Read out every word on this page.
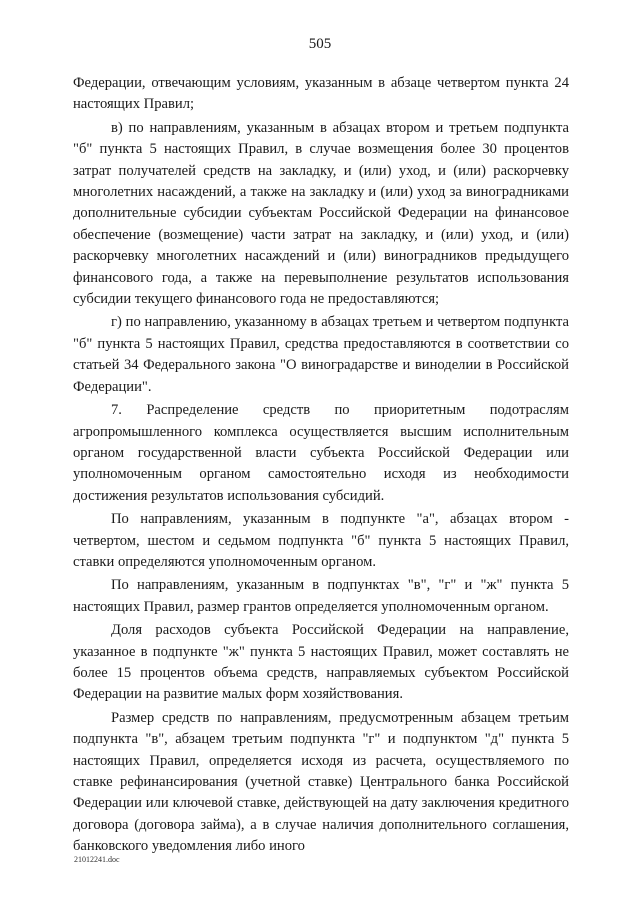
505

Федерации, отвечающим условиям, указанным в абзаце четвертом пункта 24 настоящих Правил;

в) по направлениям, указанным в абзацах втором и третьем подпункта "б" пункта 5 настоящих Правил, в случае возмещения более 30 процентов затрат получателей средств на закладку, и (или) уход, и (или) раскорчевку многолетних насаждений, а также на закладку и (или) уход за виноградниками дополнительные субсидии субъектам Российской Федерации на финансовое обеспечение (возмещение) части затрат на закладку, и (или) уход, и (или) раскорчевку многолетних насаждений и (или) виноградников предыдущего финансового года, а также на перевыполнение результатов использования субсидии текущего финансового года не предоставляются;

г) по направлению, указанному в абзацах третьем и четвертом подпункта "б" пункта 5 настоящих Правил, средства предоставляются в соответствии со статьей 34 Федерального закона "О виноградарстве и виноделии в Российской Федерации".

7. Распределение средств по приоритетным подотраслям агропромышленного комплекса осуществляется высшим исполнительным органом государственной власти субъекта Российской Федерации или уполномоченным органом самостоятельно исходя из необходимости достижения результатов использования субсидий.

По направлениям, указанным в подпункте "а", абзацах втором - четвертом, шестом и седьмом подпункта "б" пункта 5 настоящих Правил, ставки определяются уполномоченным органом.

По направлениям, указанным в подпунктах "в", "г" и "ж" пункта 5 настоящих Правил, размер грантов определяется уполномоченным органом.

Доля расходов субъекта Российской Федерации на направление, указанное в подпункте "ж" пункта 5 настоящих Правил, может составлять не более 15 процентов объема средств, направляемых субъектом Российской Федерации на развитие малых форм хозяйствования.

Размер средств по направлениям, предусмотренным абзацем третьим подпункта "в", абзацем третьим подпункта "г" и подпунктом "д" пункта 5 настоящих Правил, определяется исходя из расчета, осуществляемого по ставке рефинансирования (учетной ставке) Центрального банка Российской Федерации или ключевой ставке, действующей на дату заключения кредитного договора (договора займа), а в случае наличия дополнительного соглашения, банковского уведомления либо иного

21012241.doc
